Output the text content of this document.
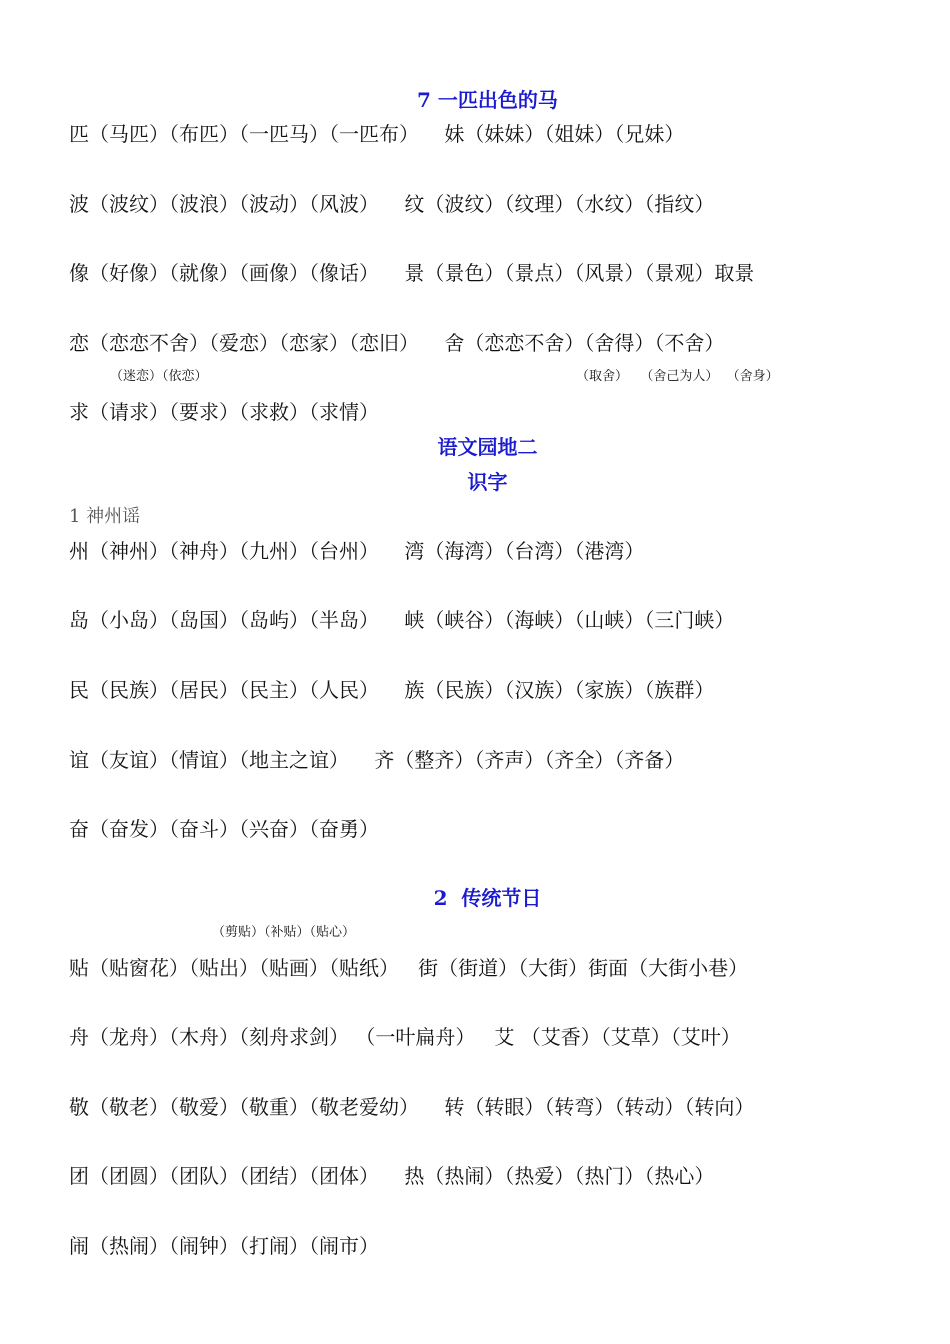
7 一匹出色的马
匹（马匹）（布匹）（一匹马）（一匹布）    妹（妹妹）（姐妹）（兄妹）
波（波纹）（波浪）（波动）（风波）    纹（波纹）（纹理）（水纹）（指纹）
像（好像）（就像）（画像）（像话）    景（景色）（景点）（风景）（景观）取景
恋（恋恋不舍）（爱恋）（恋家）（恋旧）    舍（恋恋不舍）（舍得）（不舍）
（迷恋）（依恋）	（取舍）   （舍己为人）  （舍身）
求（请求）（要求）（求救）（求情）
语文园地二
识字
1 神州谣
州（神州）（神舟）（九州）（台州）    湾（海湾）（台湾）（港湾）
岛（小岛）（岛国）（岛屿）（半岛）    峡（峡谷）（海峡）（山峡）（三门峡）
民（民族）（居民）（民主）（人民）    族（民族）（汉族）（家族）（族群）
谊（友谊）（情谊）（地主之谊）    齐（整齐）（齐声）（齐全）（齐备）
奋（奋发）（奋斗）（兴奋）（奋勇）
2  传统节日
（剪贴）（补贴）（贴心）
贴（贴窗花）（贴出）（贴画）（贴纸）   街（街道）（大街）街面（大街小巷）
舟（龙舟）（木舟）（刻舟求剑） （一叶扁舟）   艾 （艾香）（艾草）（艾叶）
敬（敬老）（敬爱）（敬重）（敬老爱幼）    转（转眼）（转弯）（转动）（转向）
团（团圆）（团队）（团结）（团体）    热（热闹）（热爱）（热门）（热心）
闹（热闹）（闹钟）（打闹）（闹市）
